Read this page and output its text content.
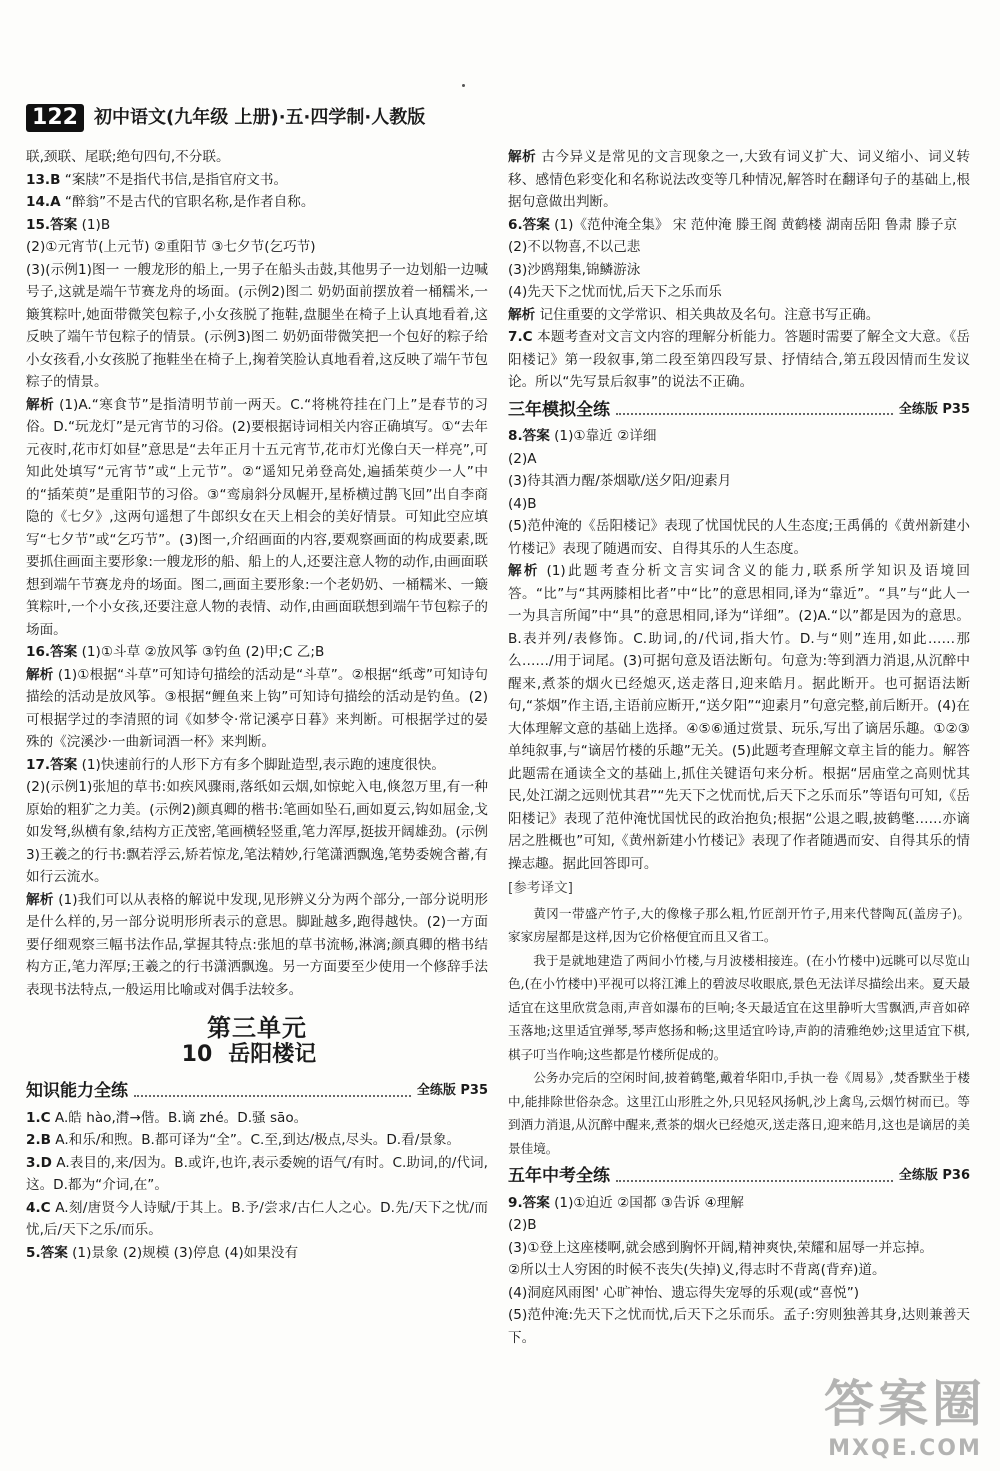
122 初中语文(九年级 上册)·五·四学制·人教版

联,颈联、尾联;绝句四句,不分联。

13.B “案牍”不是指代书信,是指官府文书。

14.A “醉翁”不是古代的官职名称,是作者自称。

15.答案 (1)B

(2)①元宵节(上元节) ②重阳节 ③七夕节(乞巧节)

(3)(示例1)图一 一艘龙形的船上,一男子在船头击鼓,其他男子一边划船一边喊号子,这就是端午节赛龙舟的场面。(示例2)图二 奶奶面前摆放着一桶糯米,一簸箕粽叶,她面带微笑包粽子,小女孩脱了拖鞋,盘腿坐在椅子上认真地看着,这反映了端午节包粽子的情景。(示例3)图二 奶奶面带微笑把一个包好的粽子给小女孩看,小女孩脱了拖鞋坐在椅子上,掬着笑脸认真地看着,这反映了端午节包粽子的情景。

解析 (1)A.“寒食节”是指清明节前一两天。C.“将桃符挂在门上”是春节的习俗。D.“玩龙灯”是元宵节的习俗。(2)要根据诗词相关内容正确填写。①“去年元夜时,花市灯如昼”意思是“去年正月十五元宵节,花市灯光像白天一样亮”,可知此处填写“元宵节”或“上元节”。②“遥知兄弟登高处,遍插茱萸少一人”中的“插茱萸”是重阳节的习俗。③“鸾扇斜分凤幄开,星桥横过鹊飞回”出自李商隐的《七夕》,这两句遥想了牛郎织女在天上相会的美好情景。可知此空应填写“七夕节”或“乞巧节”。(3)图一,介绍画面的内容,要观察画面的构成要素,既要抓住画面主要形象:一艘龙形的船、船上的人,还要注意人物的动作,由画面联想到端午节赛龙舟的场面。图二,画面主要形象:一个老奶奶、一桶糯米、一簸箕粽叶,一个小女孩,还要注意人物的表情、动作,由画面联想到端午节包粽子的场面。

16.答案 (1)①斗草 ②放风筝 ③钓鱼 (2)甲;C 乙;B

解析 (1)①根据“斗草”可知诗句描绘的活动是“斗草”。②根据“纸鸢”可知诗句描绘的活动是放风筝。③根据“鲤鱼来上钩”可知诗句描绘的活动是钓鱼。(2)可根据学过的李清照的词《如梦令·常记溪亭日暮》来判断。可根据学过的晏殊的《浣溪沙·一曲新词酒一杯》来判断。

17.答案 (1)快速前行的人形下方有多个脚趾造型,表示跑的速度很快。

(2)(示例1)张旭的草书:如疾风骤雨,落纸如云烟,如惊蛇入电,倏忽万里,有一种原始的粗犷之力美。(示例2)颜真卿的楷书:笔画如坠石,画如夏云,钩如屈金,戈如发弩,纵横有象,结构方正茂密,笔画横轻竖重,笔力浑厚,挺拔开阔雄劲。(示例3)王羲之的行书:飘若浮云,矫若惊龙,笔法精妙,行笔潇洒飘逸,笔势委婉含蓄,有如行云流水。

解析 (1)我们可以从表格的解说中发现,见形辨义分为两个部分,一部分说明形是什么样的,另一部分说明形所表示的意思。脚趾越多,跑得越快。(2)一方面要仔细观察三幅书法作品,掌握其特点:张旭的草书流畅,淋漓;颜真卿的楷书结构方正,笔力浑厚;王羲之的行书潇洒飘逸。另一方面要至少使用一个修辞手法表现书法特点,一般运用比喻或对偶手法较多。

第三单元
10 岳阳楼记
知识能力全练	全练版 P35

1.C A.皓 hào,潸→偕。B.谪 zhé。D.骚 sāo。

2.B A.和乐/和煦。B.都可译为“全”。C.至,到达/极点,尽头。D.看/景象。

3.D A.表目的,来/因为。B.或许,也许,表示委婉的语气/有时。C.助词,的/代词,这。D.都为“介词,在”。

4.C A.刻/唐贤今人诗赋/于其上。B.予/尝求/古仁人之心。D.先/天下之忧/而忧,后/天下之乐/而乐。

5.答案 (1)景象 (2)规模 (3)停息 (4)如果没有

解析 古今异义是常见的文言现象之一,大致有词义扩大、词义缩小、词义转移、感情色彩变化和名称说法改变等几种情况,解答时在翻译句子的基础上,根据句意做出判断。

6.答案 (1)《范仲淹全集》 宋 范仲淹 滕王阁 黄鹤楼 湖南岳阳 鲁肃 滕子京

(2)不以物喜,不以己悲

(3)沙鸥翔集,锦鳞游泳

(4)先天下之忧而忧,后天下之乐而乐

解析 记住重要的文学常识、相关典故及名句。注意书写正确。

7.C 本题考查对文言文内容的理解分析能力。答题时需要了解全文大意。《岳阳楼记》第一段叙事,第二段至第四段写景、抒情结合,第五段因情而生发议论。所以“先写景后叙事”的说法不正确。

三年模拟全练	全练版 P35

8.答案 (1)①靠近 ②详细

(2)A

(3)待其酒力醒/茶烟歇/送夕阳/迎素月

(4)B

(5)范仲淹的《岳阳楼记》表现了忧国忧民的人生态度;王禹偁的《黄州新建小竹楼记》表现了随遇而安、自得其乐的人生态度。

解析 (1)此题考查分析文言实词含义的能力,联系所学知识及语境回答。“比”与“其两膝相比者”中“比”的意思相同,译为“靠近”。“具”与“此人一一为具言所闻”中“具”的意思相同,译为“详细”。(2)A.“以”都是因为的意思。B.表并列/表修饰。C.助词,的/代词,指大竹。D.与“则”连用,如此……那么……/用于词尾。(3)可据句意及语法断句。句意为:等到酒力消退,从沉醉中醒来,煮茶的烟火已经熄灭,送走落日,迎来皓月。据此断开。也可据语法断句,“茶烟”作主语,主语前应断开,“送夕阳”“迎素月”句意完整,前后断开。(4)在大体理解文意的基础上选择。④⑤⑥通过赏景、玩乐,写出了谪居乐趣。①②③单纯叙事,与“谪居竹楼的乐趣”无关。(5)此题考查理解文章主旨的能力。解答此题需在通读全文的基础上,抓住关键语句来分析。根据“居庙堂之高则忧其民,处江湖之远则忧其君”“先天下之忧而忧,后天下之乐而乐”等语句可知,《岳阳楼记》表现了范仲淹忧国忧民的政治抱负;根据“公退之暇,披鹤氅……亦谪居之胜概也”可知,《黄州新建小竹楼记》表现了作者随遇而安、自得其乐的情操志趣。据此回答即可。

[参考译文]

黄冈一带盛产竹子,大的像椽子那么粗,竹匠剖开竹子,用来代替陶瓦(盖房子)。家家房屋都是这样,因为它价格便宜而且又省工。

我于是就地建造了两间小竹楼,与月波楼相接连。(在小竹楼中)远眺可以尽览山色,(在小竹楼中)平视可以将江滩上的碧波尽收眼底,景色无法详尽描绘出来。夏天最适宜在这里欣赏急雨,声音如瀑布的巨响;冬天最适宜在这里静听大雪飘洒,声音如碎玉落地;这里适宜弹琴,琴声悠扬和畅;这里适宜吟诗,声韵的清雅绝妙;这里适宜下棋,棋子叮当作响;这些都是竹楼所促成的。

公务办完后的空闲时间,披着鹤氅,戴着华阳巾,手执一卷《周易》,焚香默坐于楼中,能排除世俗杂念。这里江山形胜之外,只见轻风扬帆,沙上禽鸟,云烟竹树而已。等到酒力消退,从沉醉中醒来,煮茶的烟火已经熄灭,送走落日,迎来皓月,这也是谪居的美景佳境。

五年中考全练	全练版 P36

9.答案 (1)①迫近 ②国都 ③告诉 ④理解

(2)B

(3)①登上这座楼啊,就会感到胸怀开阔,精神爽快,荣耀和屈辱一并忘掉。

②所以士人穷困的时候不丧失(失掉)义,得志时不背离(背弃)道。

(4)洞庭风雨图' 心旷神怡、遗忘得失宠辱的乐观(或“喜悦”)

(5)范仲淹:先天下之忧而忧,后天下之乐而乐。孟子:穷则独善其身,达则兼善天下。

答案圈
MXQE.COM
